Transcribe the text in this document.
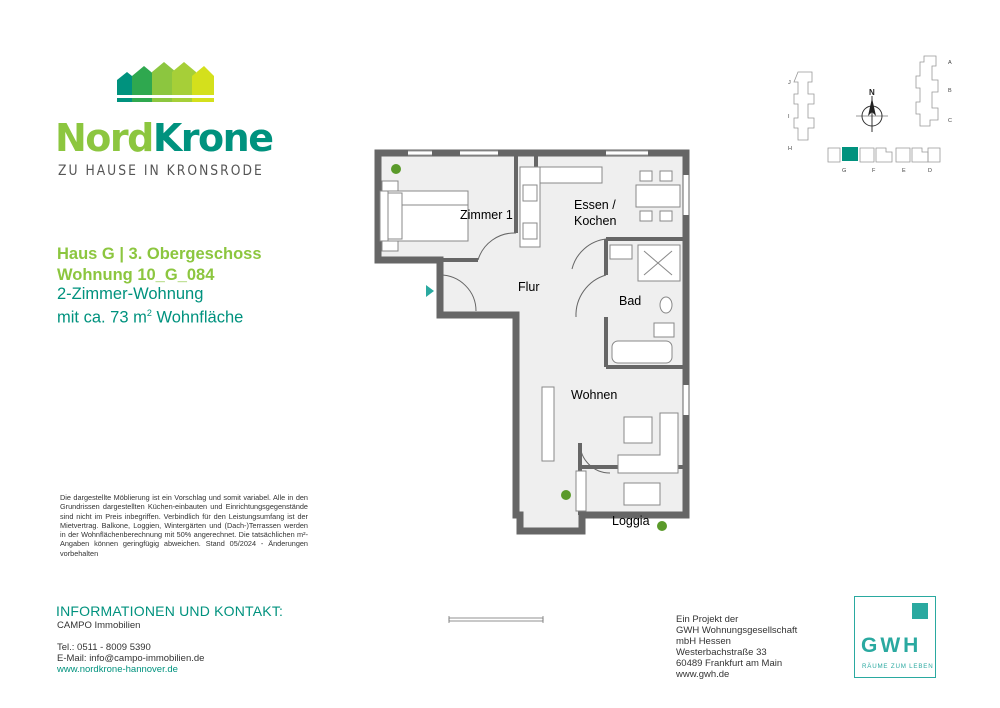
NordKrone
ZU HAUSE IN KRONSRODE
Haus G | 3. Obergeschoss
Wohnung 10_G_084
2-Zimmer-Wohnung
mit ca. 73 $m^2$ Wohnfläche
Die dargestellte Möblierung ist ein Vorschlag und somit variabel. Alle in den Grundrissen dargestellten Küchen-einbauten und Einrichtungsgegenstände sind nicht im Preis inbegriffen. Verbindlich für den Leistungsumfang ist der Mietvertrag. Balkone, Loggien, Wintergärten und (Dach-)Terrassen werden in der Wohnflächenberechnung mit 50% angerechnet. Die tatsächlichen m²-Angaben können geringfügig abweichen. Stand 05/2024 - Änderungen vorbehalten
INFORMATIONEN UND KONTAKT:
CAMPO Immobilien
Tel.: 0511 - 8009 5390
E-Mail: info@campo-immobilien.de
www.nordkrone-hannover.de
Ein Projekt der
GWH Wohnungsgesellschaft
mbH Hessen
Westerbachstraße 33
60489 Frankfurt am Main
www.gwh.de
GWH
RÄUME ZUM LEBEN
N
A
B
C
J
I
H
G	F	E	D
Zimmer 1
Essen /
Kochen
Flur
Bad
Wohnen
Loggia
